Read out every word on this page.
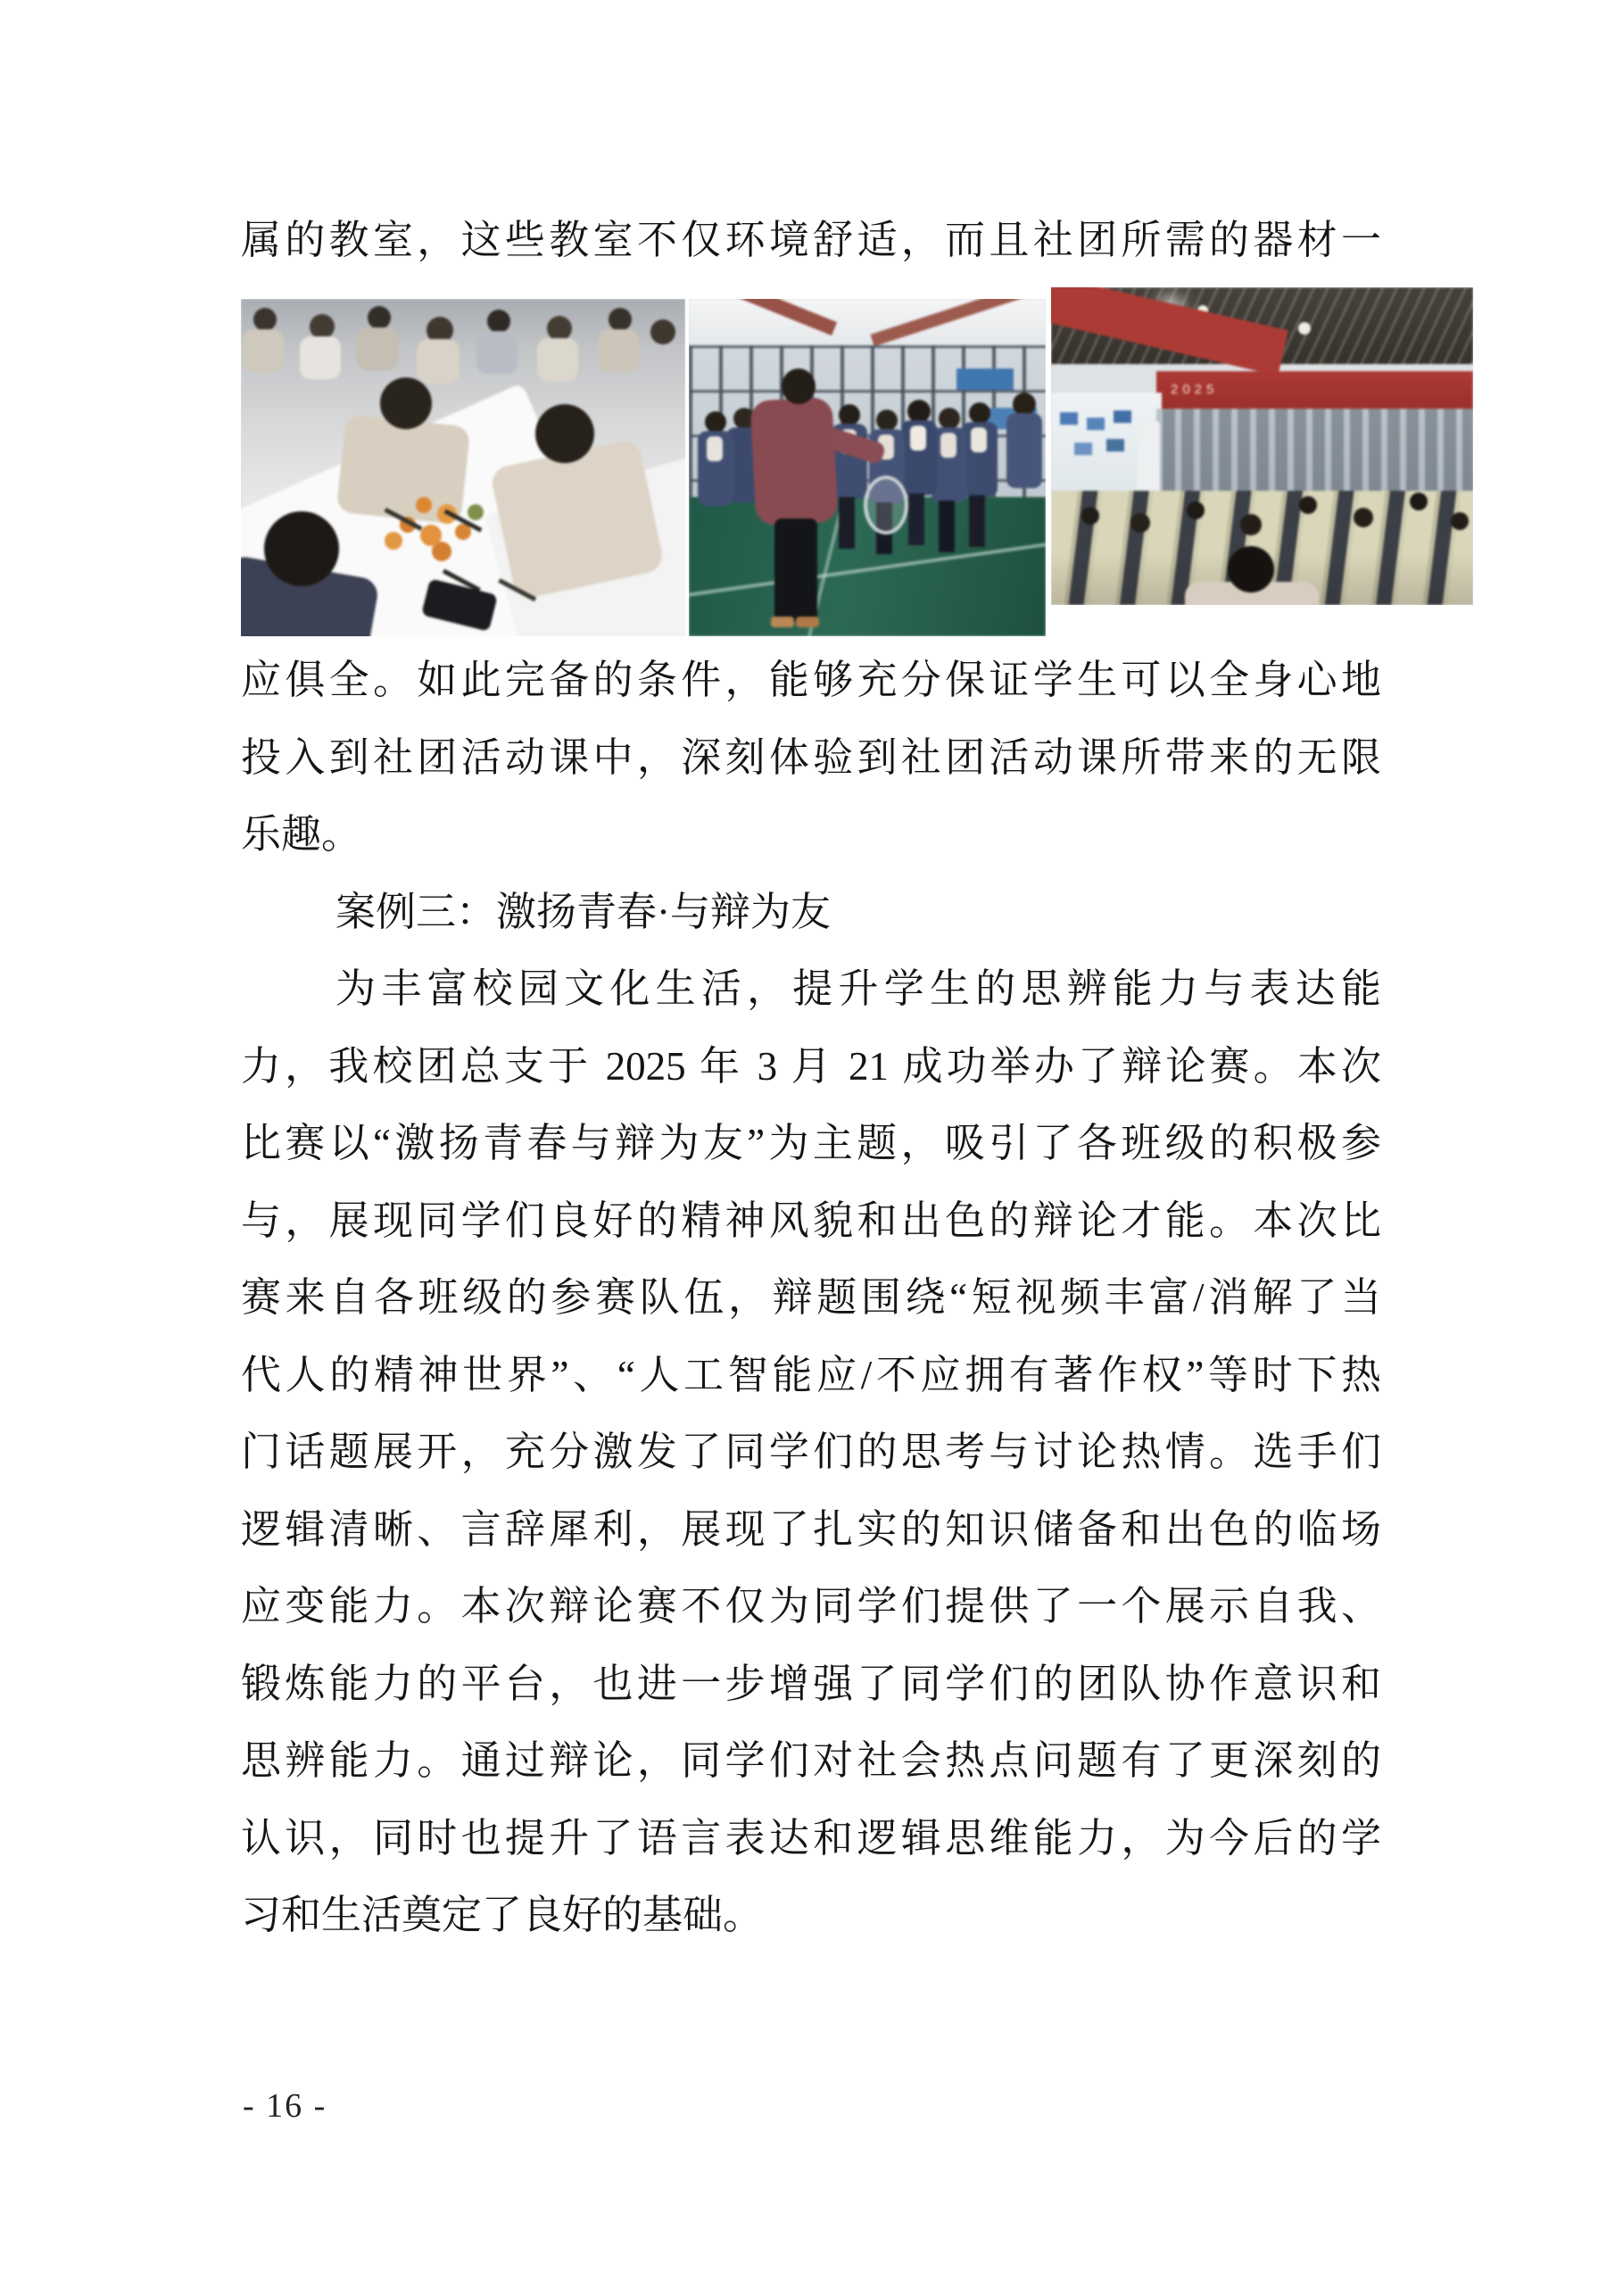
属的教室，这些教室不仅环境舒适，而且社团所需的器材一
2025
应俱全。如此完备的条件，能够充分保证学生可以全身心地
投入到社团活动课中，深刻体验到社团活动课所带来的无限
乐趣。
案例三：激扬青春·与辩为友
为丰富校园文化生活，提升学生的思辨能力与表达能
力，我校团总支于 2025 年 3 月 21 成功举办了辩论赛。本次
比赛以“激扬青春与辩为友”为主题，吸引了各班级的积极参
与，展现同学们良好的精神风貌和出色的辩论才能。本次比
赛来自各班级的参赛队伍，辩题围绕“短视频丰富/消解了当
代人的精神世界”、“人工智能应/不应拥有著作权”等时下热
门话题展开，充分激发了同学们的思考与讨论热情。选手们
逻辑清晰、言辞犀利，展现了扎实的知识储备和出色的临场
应变能力。本次辩论赛不仅为同学们提供了一个展示自我、
锻炼能力的平台，也进一步增强了同学们的团队协作意识和
思辨能力。通过辩论，同学们对社会热点问题有了更深刻的
认识，同时也提升了语言表达和逻辑思维能力，为今后的学
习和生活奠定了良好的基础。
- 16 -
